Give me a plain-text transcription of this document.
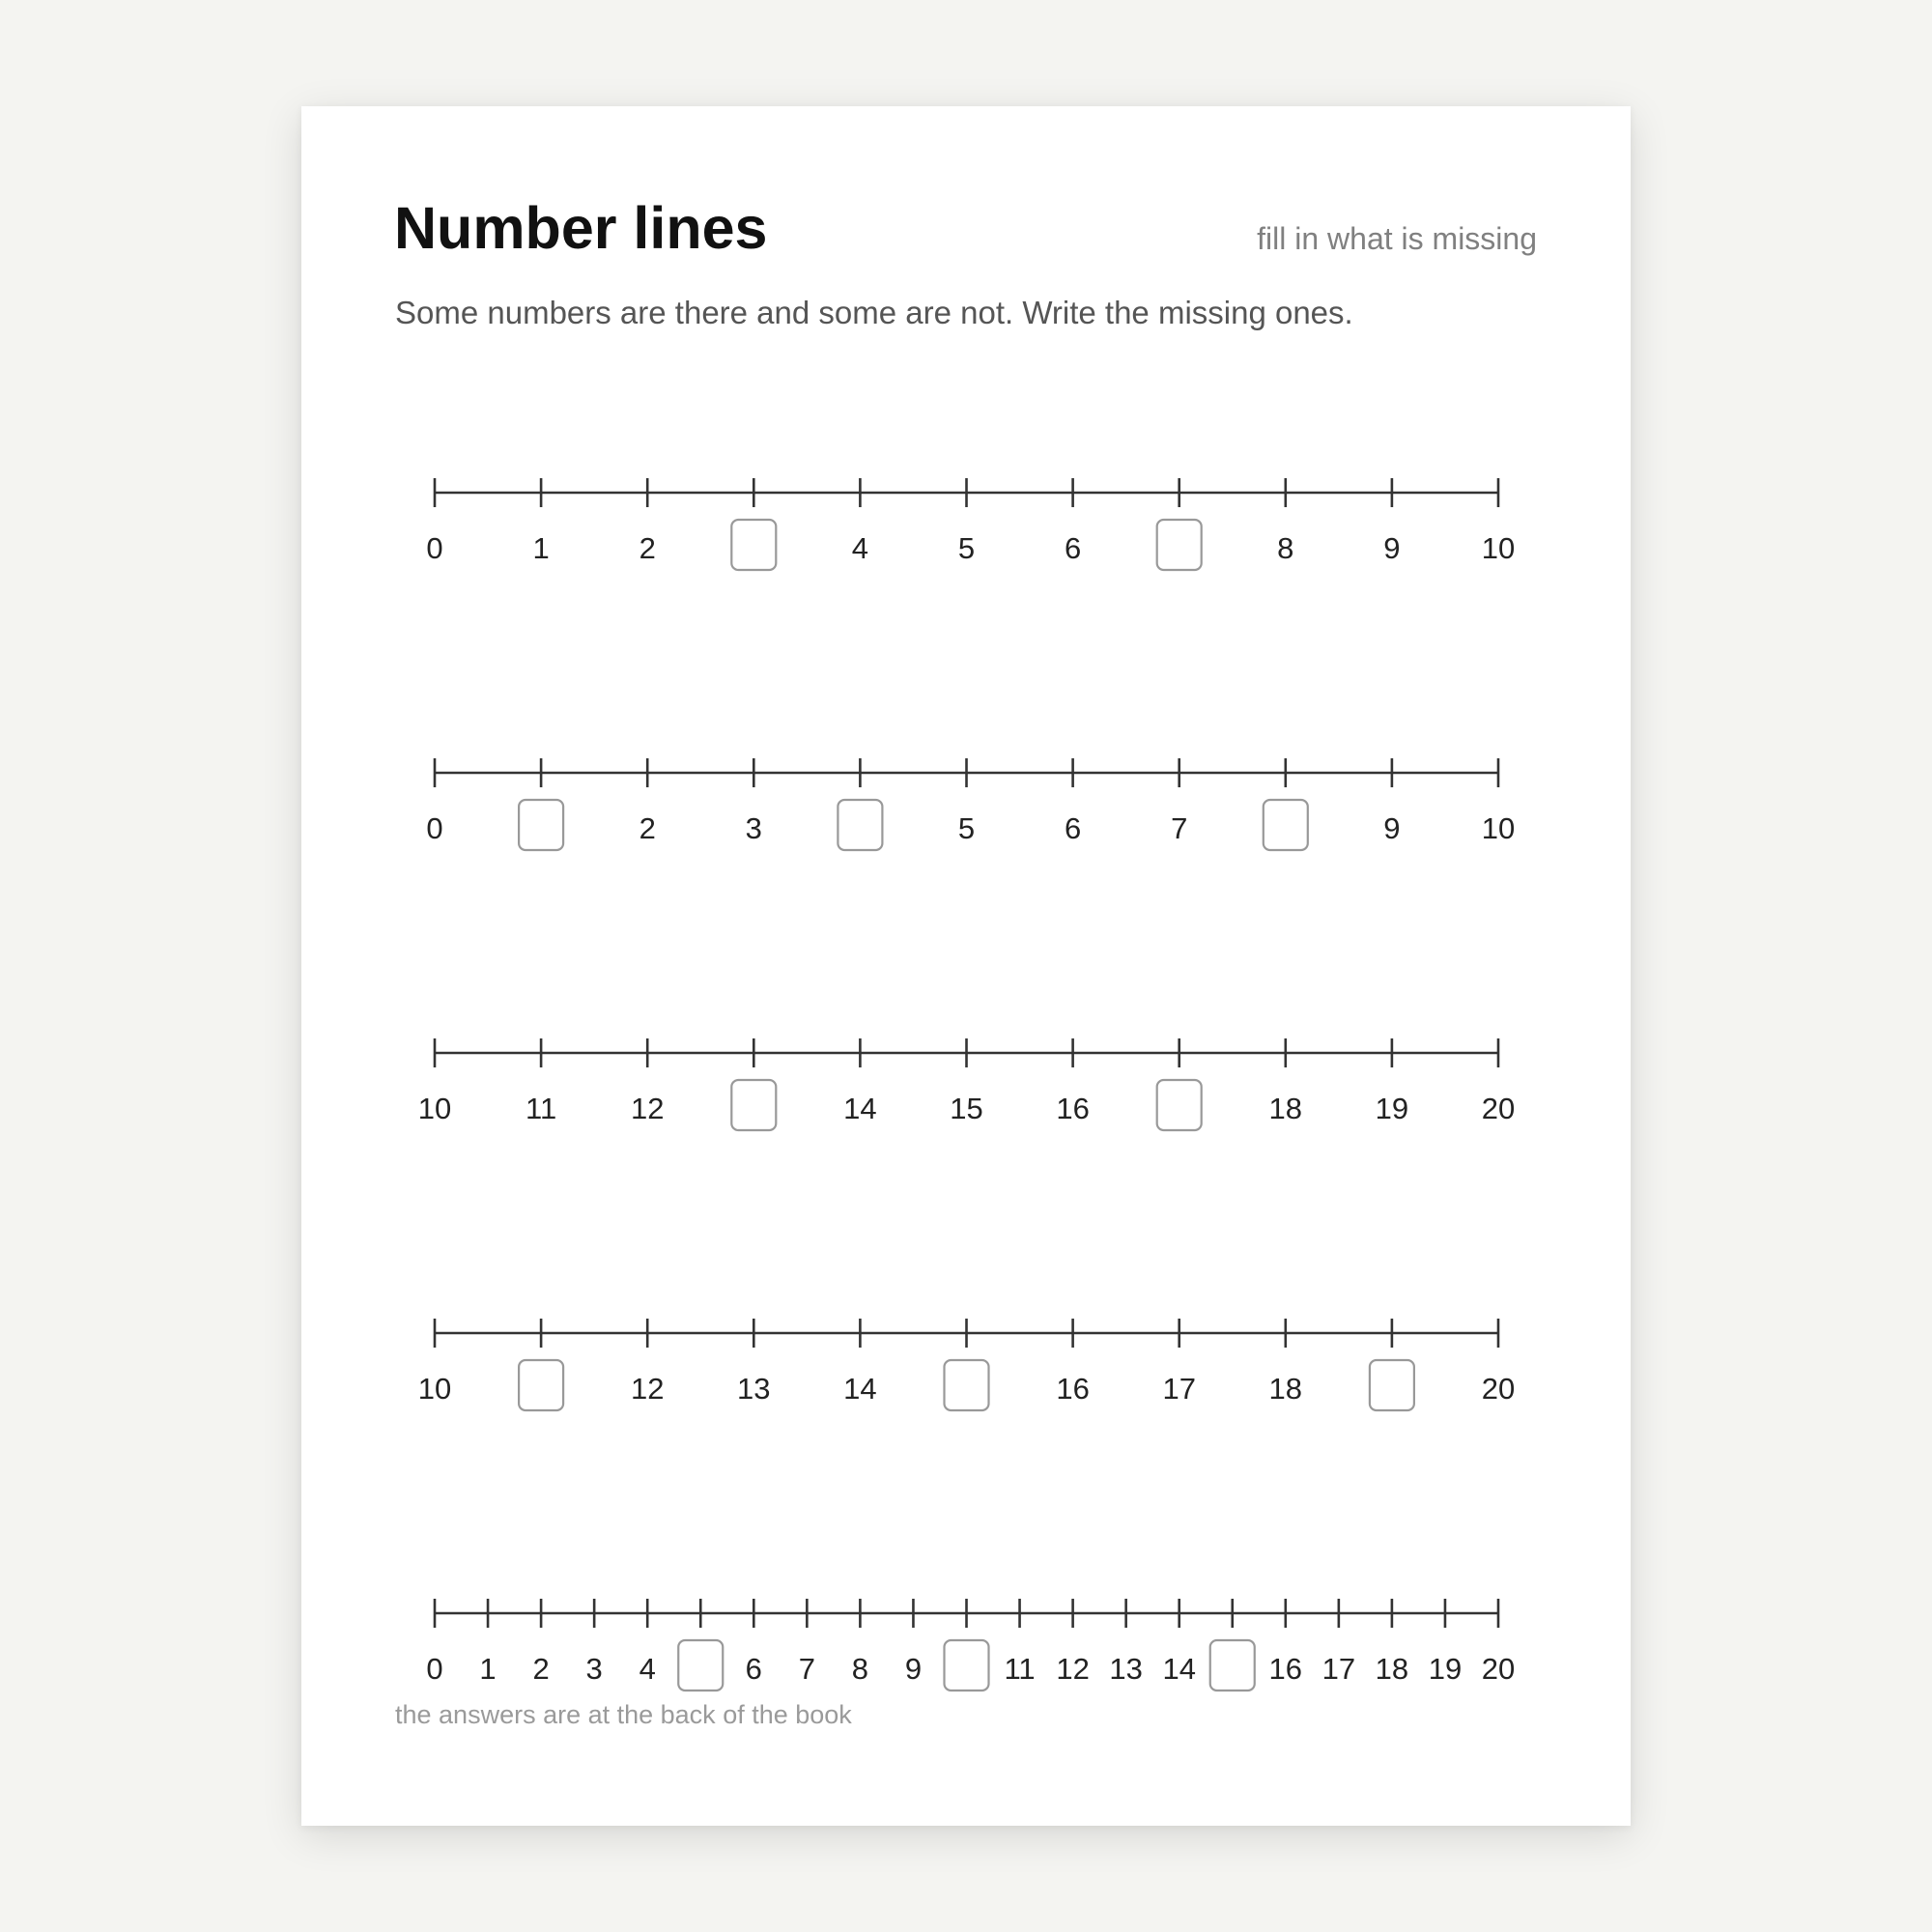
Number lines	fill in what is missing
Some numbers are there and some are not. Write the missing ones.
0	1	2	4	5	6	8	9	10
0	2	3	5	6	7	9	10
10 11 12	14 15 16	18 19 20
10	12 13 14	16 17 18	20
0 1 2 3 4	6 7 8 9	11 12 13 14 16 17 18 19 20
the answers are at the back of the book
